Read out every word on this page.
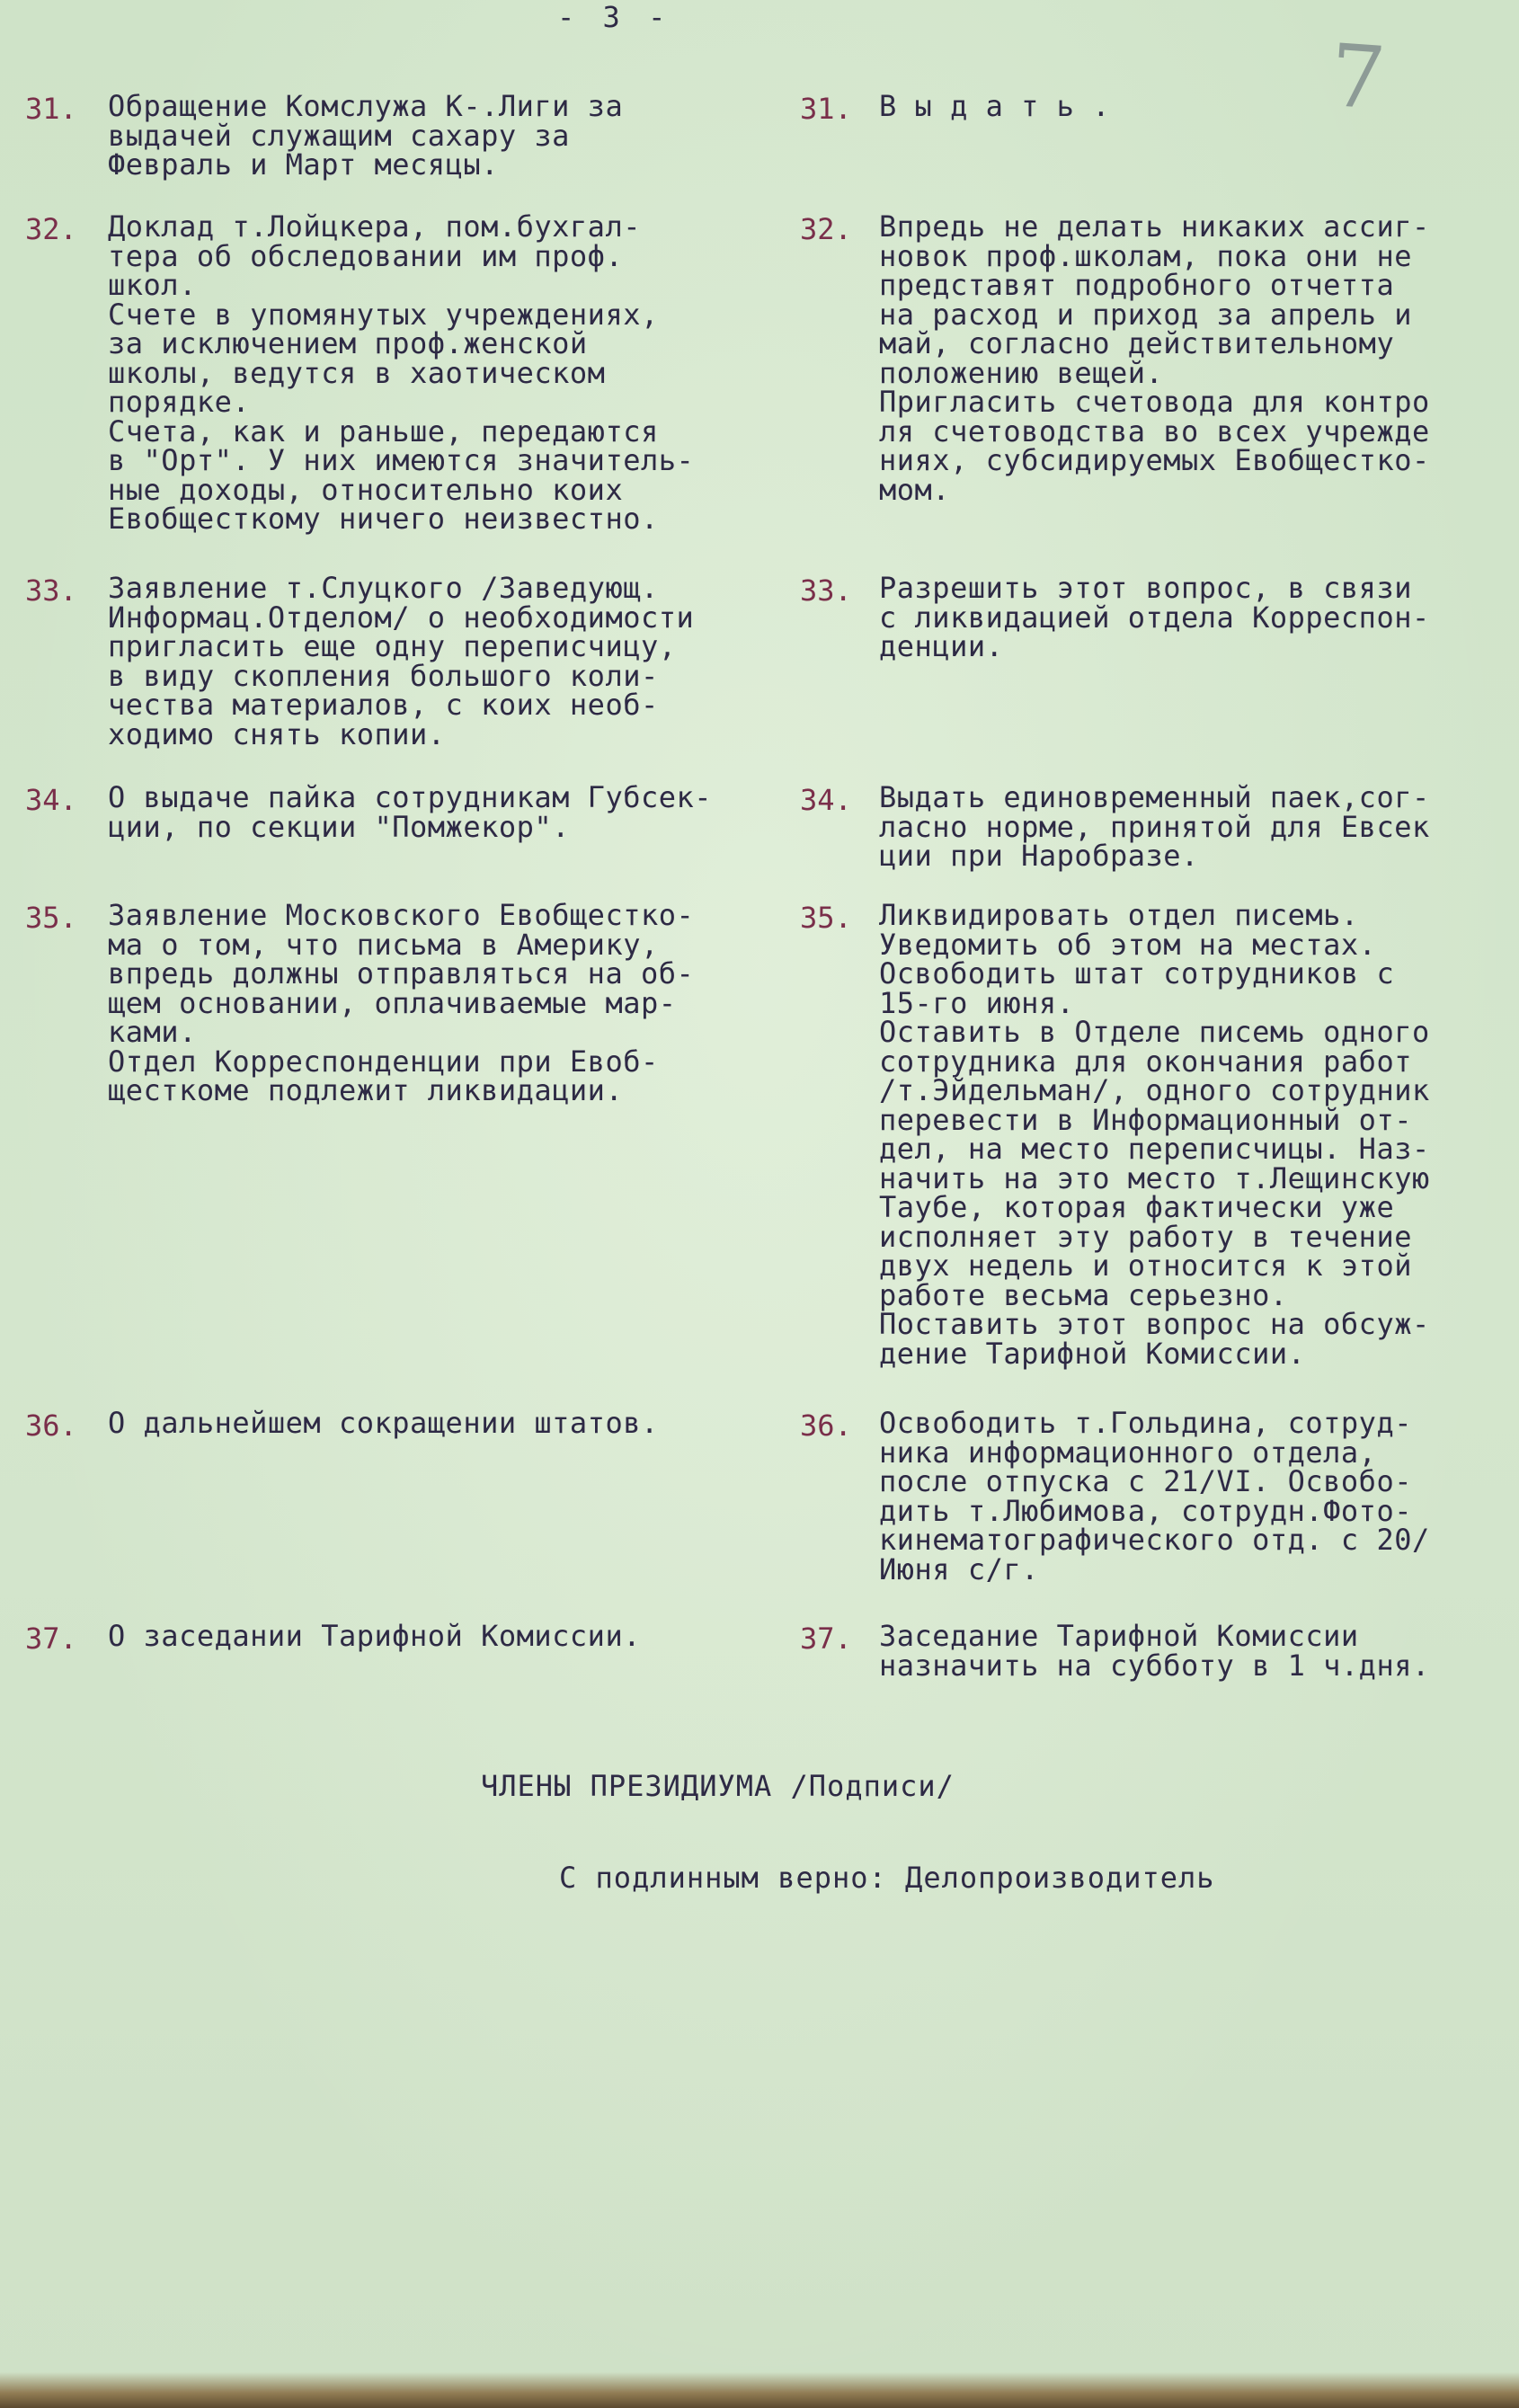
- 3 -
7
31. Обращение Комслужа К-.Лиги за
выдачей служащим сахару за
Февраль и Март месяцы.
31. В ы д а т ь .
32. Доклад т.Лойцкера, пом.бухгал-
тера об обследовании им проф.
школ.
Счете в упомянутых учреждениях,
за исключением проф.женской
школы, ведутся в хаотическом
порядке.
Счета, как и раньше, передаются
в "Орт". У них имеются значитель-
ные доходы, относительно коих
Евобщесткому ничего неизвестно.
32. Впредь не делать никаких ассиг-
новок проф.школам, пока они не
представят подробного отчетта
на расход и приход за апрель и
май, согласно действительному
положению вещей.
Пригласить счетовода для контро
ля счетоводства во всех учрежде
ниях, субсидируемых Евобщестко-
мом.
33. Заявление т.Слуцкого /Заведующ.
Информац.Отделом/ о необходимости
пригласить еще одну переписчицу,
в виду скопления большого коли-
чества материалов, с коих необ-
ходимо снять копии.
33. Разрешить этот вопрос, в связи
с ликвидацией отдела Корреспон-
денции.
34. О выдаче пайка сотрудникам Губсек-
ции, по секции "Помжекор".
34. Выдать единовременный паек,сог-
ласно норме, принятой для Евсек
ции при Наробразе.
35. Заявление Московского Евобщестко-
ма о том, что письма в Америку,
впредь должны отправляться на об-
щем основании, оплачиваемые мар-
ками.
Отдел Корреспонденции при Евоб-
щесткоме подлежит ликвидации.
35. Ликвидировать отдел писемь.
Уведомить об этом на местах.
Освободить штат сотрудников с
15-го июня.
Оставить в Отделе писемь одного
сотрудника для окончания работ
/т.Эйдельман/, одного сотрудник
перевести в Информационный от-
дел, на место переписчицы. Наз-
начить на это место т.Лещинскую
Таубе, которая фактически уже
исполняет эту работу в течение
двух недель и относится к этой
работе весьма серьезно.
Поставить этот вопрос на обсуж-
дение Тарифной Комиссии.
36. О дальнейшем сокращении штатов.	36. Освободить т.Гольдина, сотруд-
ника информационного отдела,
после отпуска с 21/VI. Освобо-
дить т.Любимова, сотрудн.Фото-
кинематографического отд. с 20/
Июня с/г.
37. О заседании Тарифной Комиссии.	37. Заседание Тарифной Комиссии
назначить на субботу в 1 ч.дня.
ЧЛЕНЫ ПРЕЗИДИУМА /Подписи/
С подлинным верно: Делопроизводитель
